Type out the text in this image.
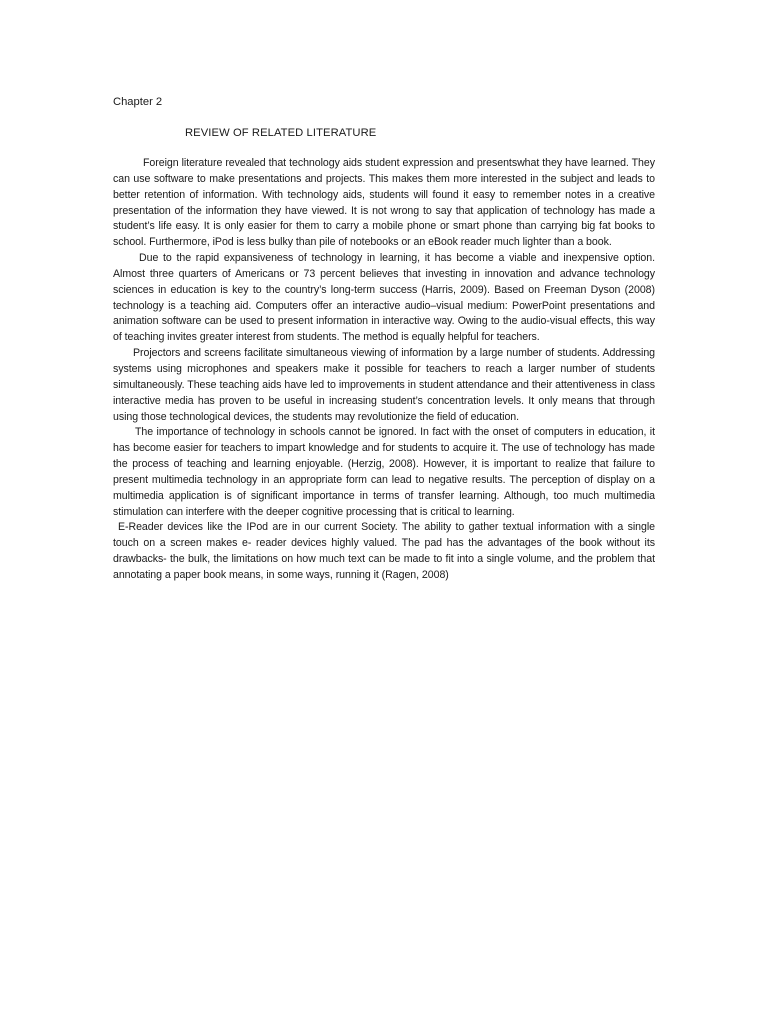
Chapter 2

REVIEW OF RELATED LITERATURE

Foreign literature revealed that technology aids student expression and presentswhat they have learned. They can use software to make presentations and projects. This makes them more interested in the subject and leads to better retention of information. With technology aids, students will found it easy to remember notes in a creative presentation of the information they have viewed. It is not wrong to say that application of technology has made a student’s life easy. It is only easier for them to carry a mobile phone or smart phone than carrying big fat books to school. Furthermore, iPod is less bulky than pile of notebooks or an eBook reader much lighter than a book.

Due to the rapid expansiveness of technology in learning, it has become a viable and inexpensive option. Almost three quarters of Americans or 73 percent believes that investing in innovation and advance technology sciences in education is key to the country’s long-term success (Harris, 2009). Based on Freeman Dyson (2008) technology is a teaching aid. Computers offer an interactive audio–visual medium: PowerPoint presentations and animation software can be used to present information in interactive way. Owing to the audio-visual effects, this way of teaching invites greater interest from students. The method is equally helpful for teachers.

Projectors and screens facilitate simultaneous viewing of information by a large number of students. Addressing systems using microphones and speakers make it possible for teachers to reach a larger number of students simultaneously. These teaching aids have led to improvements in student attendance and their attentiveness in class interactive media has proven to be useful in increasing student’s concentration levels. It only means that through using those technological devices, the students may revolutionize the field of education.

The importance of technology in schools cannot be ignored. In fact with the onset of computers in education, it has become easier for teachers to impart knowledge and for students to acquire it. The use of technology has made the process of teaching and learning enjoyable. (Herzig, 2008). However, it is important to realize that failure to present multimedia technology in an appropriate form can lead to negative results. The perception of display on a multimedia application is of significant importance in terms of transfer learning. Although, too much multimedia stimulation can interfere with the deeper cognitive processing that is critical to learning.

E-Reader devices like the IPod are in our current Society. The ability to gather textual information with a single touch on a screen makes e- reader devices highly valued. The pad has the advantages of the book without its drawbacks- the bulk, the limitations on how much text can be made to fit into a single volume, and the problem that annotating a paper book means, in some ways, running it (Ragen, 2008)
